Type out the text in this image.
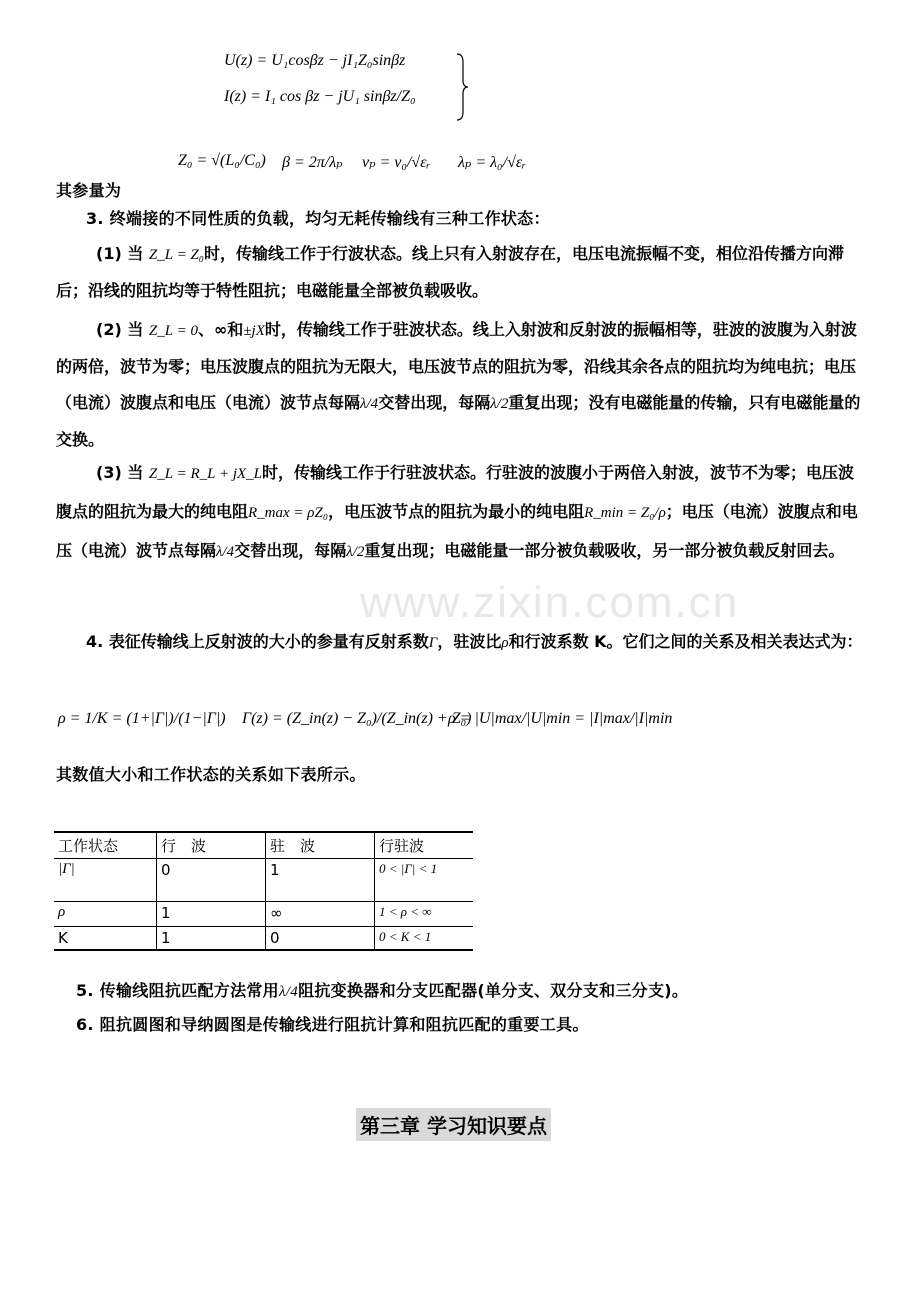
www.zixin.com.cn
U(z) = U₁cosβz − jI₁Z₀sinβz
I(z) = I₁ cos βz − jU₁ sinβz/Z₀
其参量为
Z₀ = √(L₀/C₀) β = 2π/λₚ vₚ = v₀/√εᵣ λₚ = λ₀/√εᵣ
3. 终端接的不同性质的负载，均匀无耗传输线有三种工作状态：
(1) 当 Z_L = Z₀时，传输线工作于行波状态。线上只有入射波存在，电压电流振幅不变，相位沿传播方向滞后；沿线的阻抗均等于特性阻抗；电磁能量全部被负载吸收。
(2) 当 Z_L = 0、∞和±jX时，传输线工作于驻波状态。线上入射波和反射波的振幅相等，驻波的波腹为入射波的两倍，波节为零；电压波腹点的阻抗为无限大，电压波节点的阻抗为零，沿线其余各点的阻抗均为纯电抗；电压（电流）波腹点和电压（电流）波节点每隔λ/4交替出现，每隔λ/2重复出现；没有电磁能量的传输，只有电磁能量的交换。
(3) 当 Z_L = R_L + jX_L时，传输线工作于行驻波状态。行驻波的波腹小于两倍入射波，波节不为零；电压波腹点的阻抗为最大的纯电阻R_max = ρZ₀，电压波节点的阻抗为最小的纯电阻R_min = Z₀/ρ；电压（电流）波腹点和电压（电流）波节点每隔λ/4交替出现，每隔λ/2重复出现；电磁能量一部分被负载吸收，另一部分被负载反射回去。
4. 表征传输线上反射波的大小的参量有反射系数Γ，驻波比ρ和行波系数 K。它们之间的关系及相关表达式为：
ρ = 1/K = (1+|Γ|)/(1−|Γ|) Γ(z) = (Z_in(z) − Z₀)/(Z_in(z) + Z₀)
ρ = |U|max/|U|min = |I|max/|I|min
其数值大小和工作状态的关系如下表所示。
工作状态	行　波	驻　波	行驻波
|Γ|	0	1	0 < |Γ| < 1
ρ	1	∞	1 < ρ < ∞
K	1	0	0 < K < 1
5. 传输线阻抗匹配方法常用λ/4阻抗变换器和分支匹配器(单分支、双分支和三分支)。
6. 阻抗圆图和导纳圆图是传输线进行阻抗计算和阻抗匹配的重要工具。
第三章 学习知识要点
